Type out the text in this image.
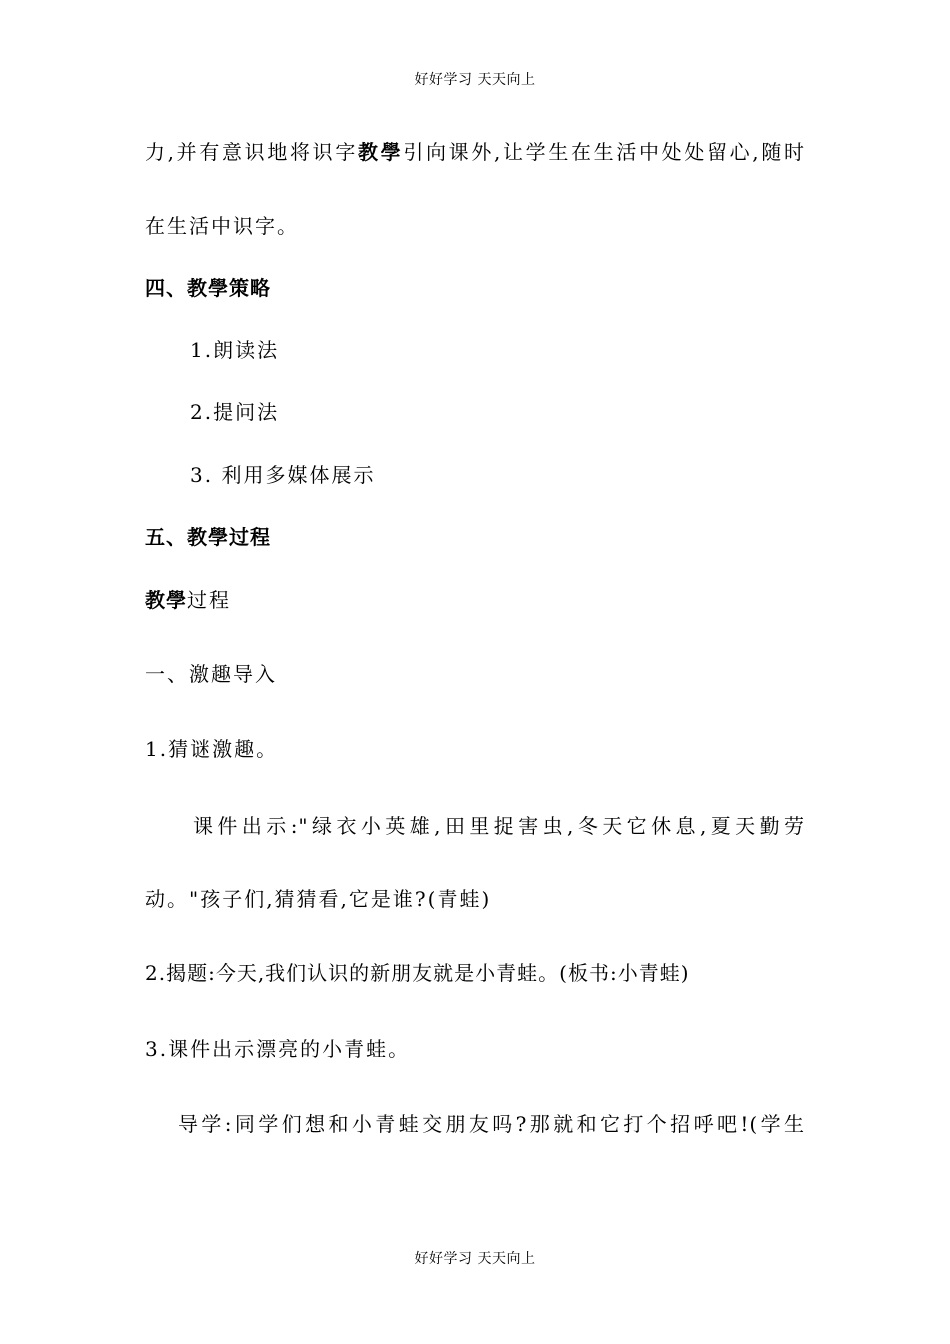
好好学习 天天向上
力,并有意识地将识字教學引向课外,让学生在生活中处处留心,随时
在生活中识字。
四、教學策略
1.朗读法
2.提问法
3. 利用多媒体展示
五、教學过程
教學过程
一、激趣导入
1.猜谜激趣。
课件出示:"绿衣小英雄,田里捉害虫,冬天它休息,夏天勤劳
动。"孩子们,猜猜看,它是谁?(青蛙)
2.揭题:今天,我们认识的新朋友就是小青蛙。(板书:小青蛙)
3.课件出示漂亮的小青蛙。
导学:同学们想和小青蛙交朋友吗?那就和它打个招呼吧!(学生
好好学习 天天向上
